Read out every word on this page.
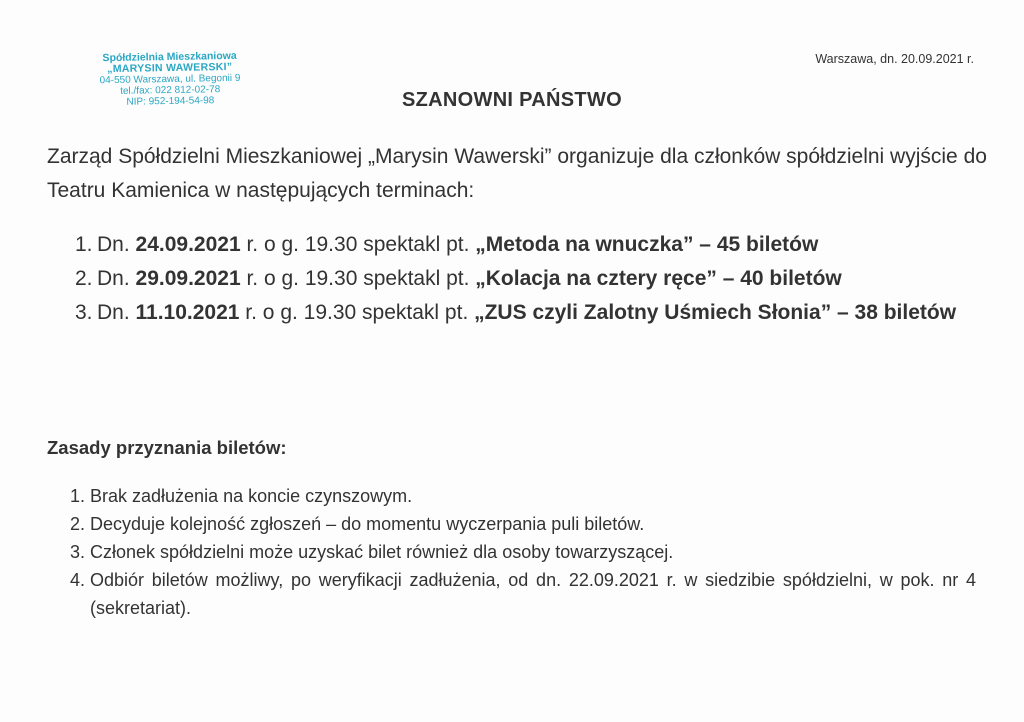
Spółdzielnia Mieszkaniowa
„MARYSIN WAWERSKI”
04-550 Warszawa, ul. Begonii 9
tel./fax: 022 812-02-78
NIP: 952-194-54-98
Warszawa, dn. 20.09.2021 r.
SZANOWNI PAŃSTWO
Zarząd Spółdzielni Mieszkaniowej „Marysin Wawerski” organizuje dla członków spółdzielni wyjście do Teatru Kamienica w następujących terminach:
1. Dn. 24.09.2021 r. o g. 19.30 spektakl pt. „Metoda na wnuczka” – 45 biletów
2. Dn. 29.09.2021 r. o g. 19.30 spektakl pt. „Kolacja na cztery ręce” – 40 biletów
3. Dn. 11.10.2021 r. o g. 19.30 spektakl pt. „ZUS czyli Zalotny Uśmiech Słonia” – 38 biletów
Zasady przyznania biletów:
1. Brak zadłużenia na koncie czynszowym.
2. Decyduje kolejność zgłoszeń – do momentu wyczerpania puli biletów.
3. Członek spółdzielni może uzyskać bilet również dla osoby towarzyszącej.
4. Odbiór biletów możliwy, po weryfikacji zadłużenia, od dn. 22.09.2021 r. w siedzibie spółdzielni, w pok. nr 4 (sekretariat).
